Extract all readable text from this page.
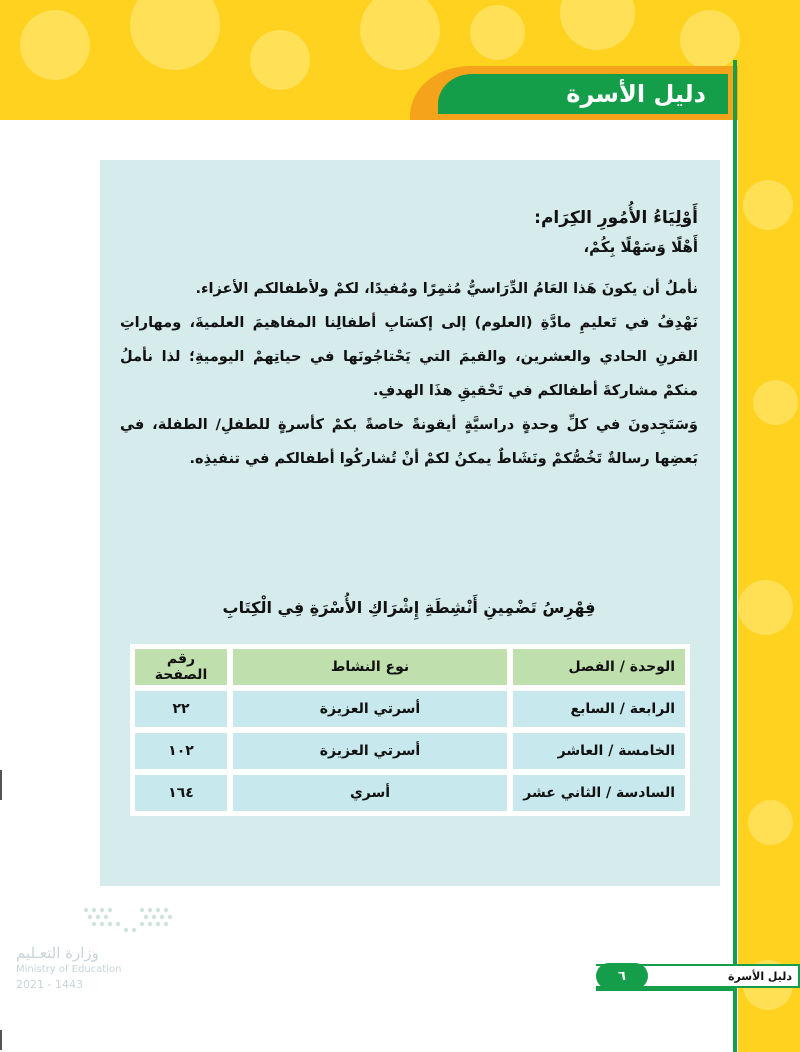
دليل الأسرة
أَوْلِيَاءُ الأُمُورِ الكِرَام:
أَهْلًا وَسَهْلًا بِكُمْ،

نأملُ أن يكونَ هَذا العَامُ الدِّرَاسيُّ مُثمِرًا ومُفيدًا، لكمْ ولأطفالكم الأعزاء.

نَهْدِفُ في تَعليمِ مادَّةِ (العلوم) إلى إكسَابِ أطفالِنا المفاهيمَ العلميةَ، ومهاراتِ القرنِ الحادي والعشرين، والقيمَ التي يَحْتاجُونَها في حياتِهمْ اليوميةِ؛ لذا نأملُ منكمْ مشاركةَ أطفالكم في تَحْقيقِ هذَا الهدفِ.

وَسَتَجِدونَ في كلِّ وحدةٍ دراسيَّةٍ أيقونةً خاصةً بكمْ كأسرةٍ للطفلِ/ الطفلة، في بَعضِها رسالةٌ تَخُصُّكمْ ونَشَاطٌ يمكنُ لكمْ أنْ تُشاركُوا أطفالكم في تنفيذِه.

فِهْرِسُ تَضْمِينِ أَنْشِطَةِ إِشْرَاكِ الأُسْرَةِ فِي الْكِتَابِ
الوحدة / الفصل	نوع النشاط	رقم الصفحة
الرابعة / السابع	أسرتي العزيزة	٢٢
الخامسة / العاشر	أسرتي العزيزة	١٠٢
السادسة / الثاني عشر	أسري	١٦٤
وزارة التعـليم
Ministry of Education
2021 - 1443
دليل الأسرة
٦
